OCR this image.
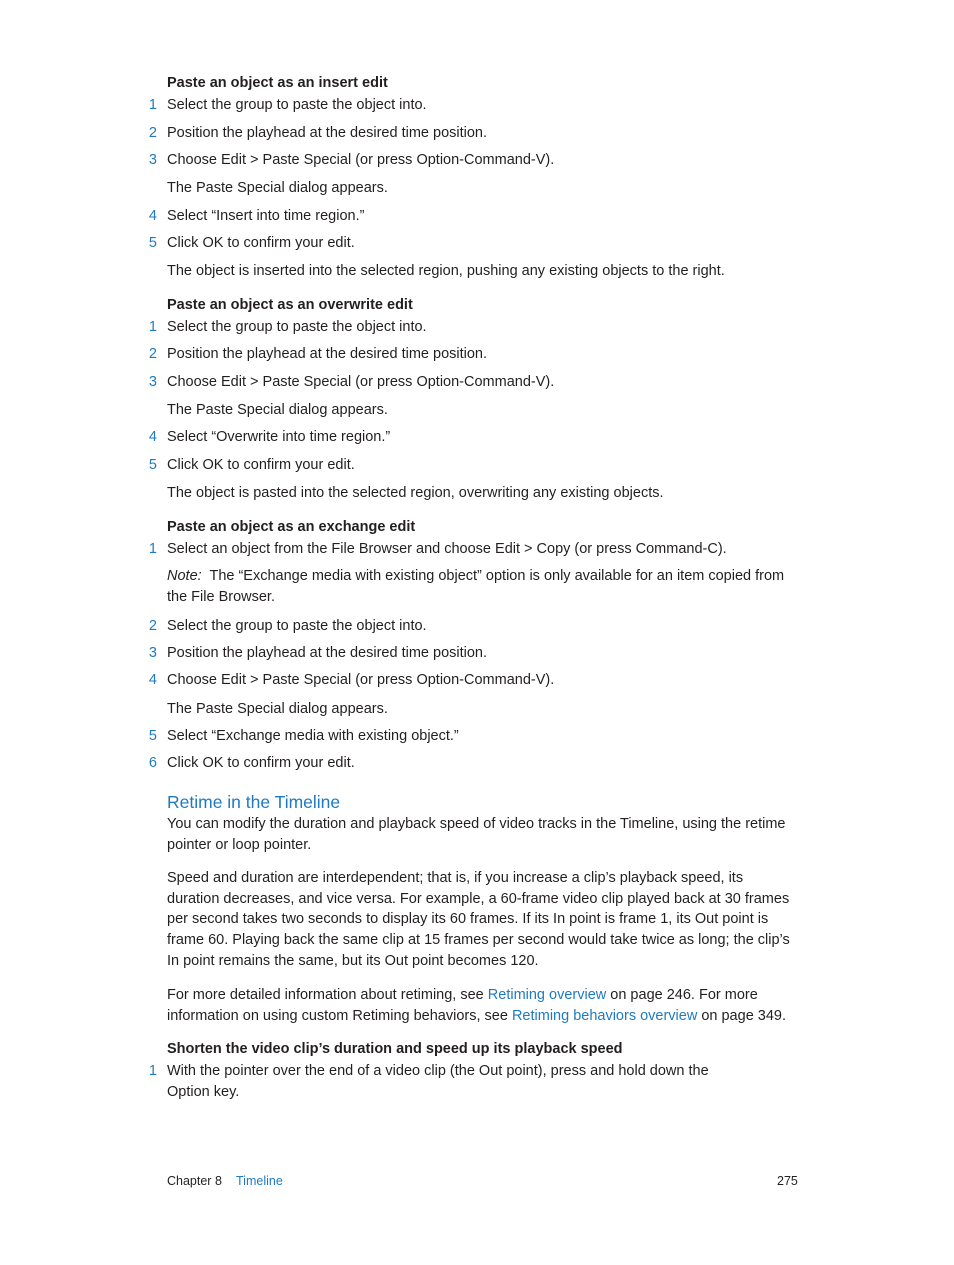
Paste an object as an insert edit
1 Select the group to paste the object into.
2 Position the playhead at the desired time position.
3 Choose Edit > Paste Special (or press Option-Command-V).
The Paste Special dialog appears.
4 Select “Insert into time region.”
5 Click OK to confirm your edit.
The object is inserted into the selected region, pushing any existing objects to the right.
Paste an object as an overwrite edit
1 Select the group to paste the object into.
2 Position the playhead at the desired time position.
3 Choose Edit > Paste Special (or press Option-Command-V).
The Paste Special dialog appears.
4 Select “Overwrite into time region.”
5 Click OK to confirm your edit.
The object is pasted into the selected region, overwriting any existing objects.
Paste an object as an exchange edit
1 Select an object from the File Browser and choose Edit > Copy (or press Command-C).
Note: The “Exchange media with existing object” option is only available for an item copied from the File Browser.
2 Select the group to paste the object into.
3 Position the playhead at the desired time position.
4 Choose Edit > Paste Special (or press Option-Command-V).
The Paste Special dialog appears.
5 Select “Exchange media with existing object.”
6 Click OK to confirm your edit.
Retime in the Timeline
You can modify the duration and playback speed of video tracks in the Timeline, using the retime pointer or loop pointer.
Speed and duration are interdependent; that is, if you increase a clip’s playback speed, its duration decreases, and vice versa. For example, a 60-frame video clip played back at 30 frames per second takes two seconds to display its 60 frames. If its In point is frame 1, its Out point is frame 60. Playing back the same clip at 15 frames per second would take twice as long; the clip’s In point remains the same, but its Out point becomes 120.
For more detailed information about retiming, see Retiming overview on page 246. For more information on using custom Retiming behaviors, see Retiming behaviors overview on page 349.
Shorten the video clip’s duration and speed up its playback speed
1 With the pointer over the end of a video clip (the Out point), press and hold down the Option key.
Chapter 8 Timeline	275
